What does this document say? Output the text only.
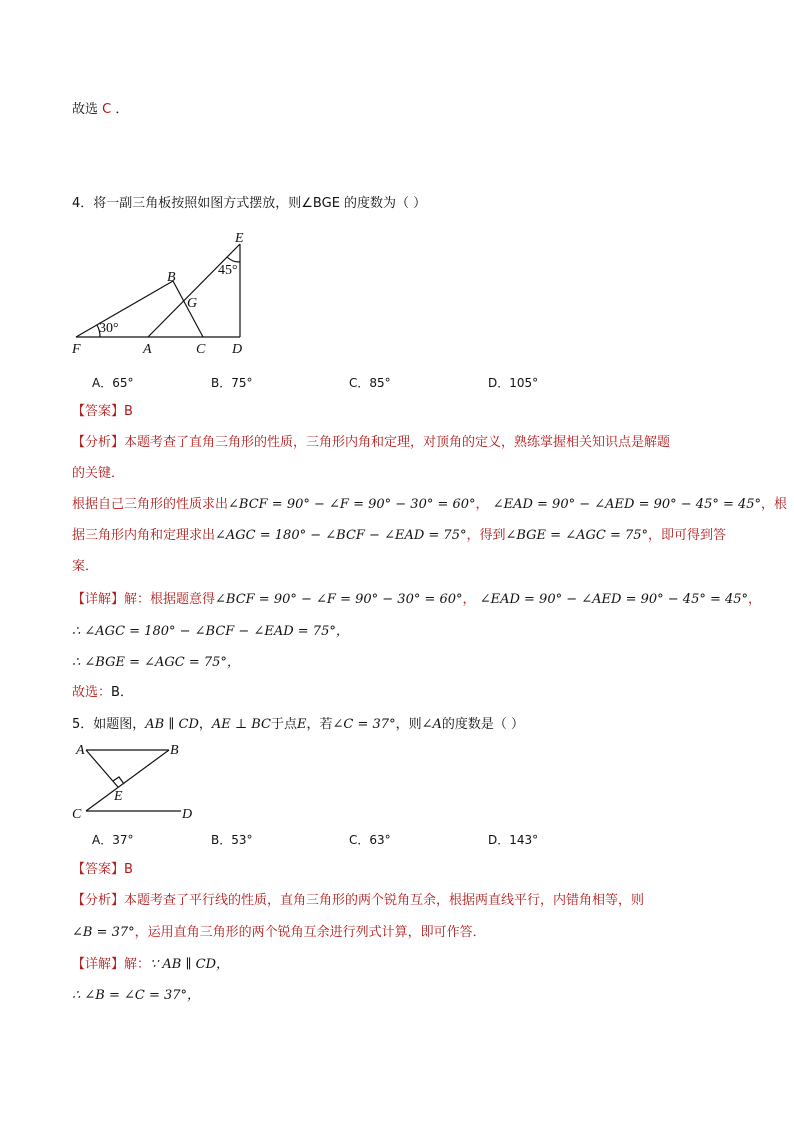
故选 C ．
4．将一副三角板按照如图方式摆放，则∠BGE 的度数为（ ）
E
B
G
F	A	C D
30°
45°
A．65°	B．75°	C．85°	D．105°
【答案】B
【分析】本题考查了直角三角形的性质，三角形内角和定理，对顶角的定义，熟练掌握相关知识点是解题
的关键．
根据自己三角形的性质求出∠BCF = 90° − ∠F = 90° − 30° = 60°， ∠EAD = 90° − ∠AED = 90° − 45° = 45°，根
据三角形内角和定理求出∠AGC = 180° − ∠BCF − ∠EAD = 75°，得到∠BGE = ∠AGC = 75°，即可得到答
案．
【详解】解：根据题意得∠BCF = 90° − ∠F = 90° − 30° = 60°， ∠EAD = 90° − ∠AED = 90° − 45° = 45°，
∴ ∠AGC = 180° − ∠BCF − ∠EAD = 75°，
∴ ∠BGE = ∠AGC = 75°，
故选：B．
5．如题图，AB ∥ CD，AE ⊥ BC于点E，若∠C = 37°，则∠A的度数是（ ）
A	B
E
C	D
A．37°	B．53°	C．63°	D．143°
【答案】B
【分析】本题考查了平行线的性质，直角三角形的两个锐角互余，根据两直线平行，内错角相等，则
∠B = 37°，运用直角三角形的两个锐角互余进行列式计算，即可作答．
【详解】解：∵ AB ∥ CD，
∴ ∠B = ∠C = 37°，
